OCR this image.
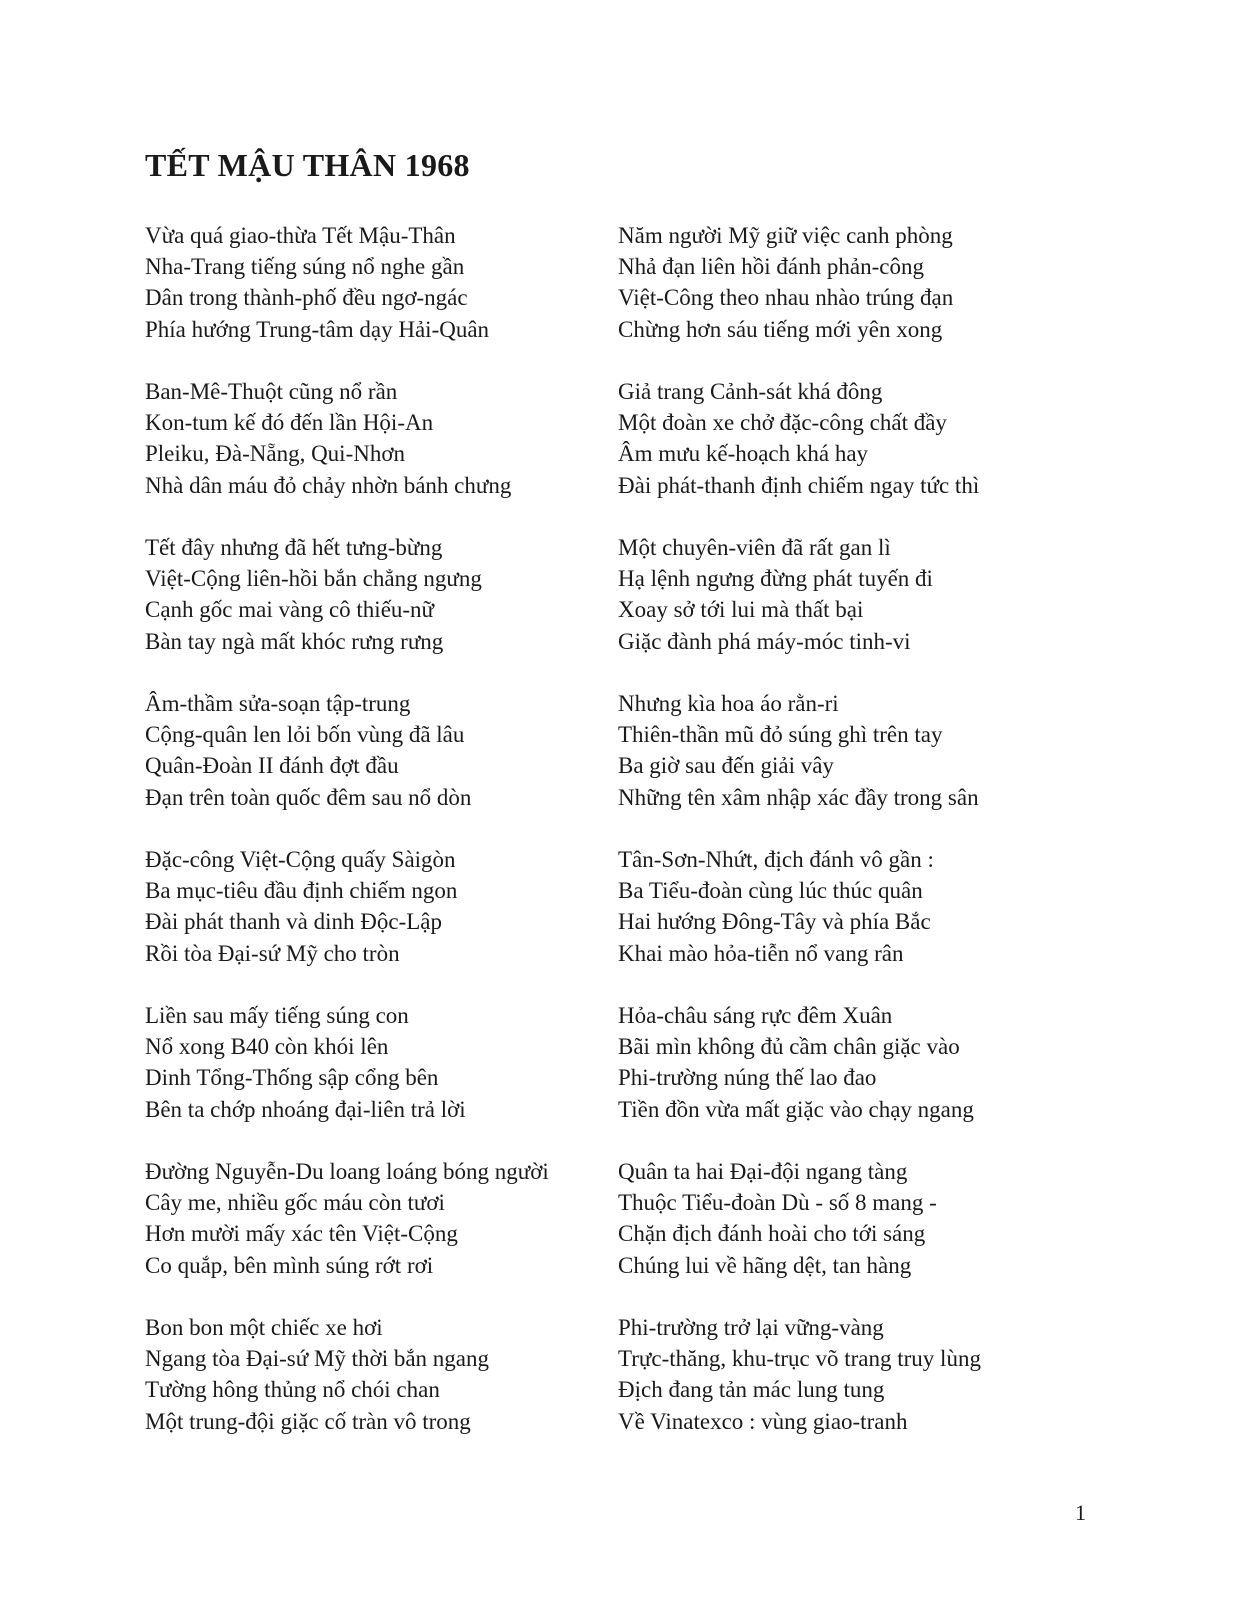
TẾT MẬU THÂN 1968
Vừa quá giao-thừa Tết Mậu-Thân
Nha-Trang tiếng súng nổ nghe gần
Dân trong thành-phố đều ngơ-ngác
Phía hướng Trung-tâm dạy Hải-Quân
Ban-Mê-Thuột cũng nổ rần
Kon-tum kế đó đến lần Hội-An
Pleiku, Đà-Nẵng, Qui-Nhơn
Nhà dân máu đỏ chảy nhờn bánh chưng
Tết đây nhưng đã hết tưng-bừng
Việt-Cộng liên-hồi bắn chẳng ngưng
Cạnh gốc mai vàng cô thiếu-nữ
Bàn tay ngà mất khóc rưng rưng
Âm-thầm sửa-soạn tập-trung
Cộng-quân len lỏi bốn vùng đã lâu
Quân-Đoàn II đánh đợt đầu
Đạn trên toàn quốc đêm sau nổ dòn
Đặc-công Việt-Cộng quấy Sàigòn
Ba mục-tiêu đầu định chiếm ngon
Đài phát thanh và dinh Độc-Lập
Rồi tòa Đại-sứ Mỹ cho tròn
Liền sau mấy tiếng súng con
Nổ xong B40 còn khói lên
Dinh Tổng-Thống sập cổng bên
Bên ta chớp nhoáng đại-liên trả lời
Đường Nguyễn-Du loang loáng bóng người
Cây me, nhiều gốc máu còn tươi
Hơn mười mấy xác tên Việt-Cộng
Co quắp, bên mình súng rớt rơi
Bon bon một chiếc xe hơi
Ngang tòa Đại-sứ Mỹ thời bắn ngang
Tường hông thủng nổ chói chan
Một trung-đội giặc cố tràn vô trong
Năm người Mỹ giữ việc canh phòng
Nhả đạn liên hồi đánh phản-công
Việt-Công theo nhau nhào trúng đạn
Chừng hơn sáu tiếng mới yên xong
Giả trang Cảnh-sát khá đông
Một đoàn xe chở đặc-công chất đầy
Âm mưu kế-hoạch khá hay
Đài phát-thanh định chiếm ngay tức thì
Một chuyên-viên đã rất gan lì
Hạ lệnh ngưng đừng phát tuyến đi
Xoay sở tới lui mà thất bại
Giặc đành phá máy-móc tinh-vi
Nhưng kìa hoa áo rằn-ri
Thiên-thần mũ đỏ súng ghì trên tay
Ba giờ sau đến giải vây
Những tên xâm nhập xác đầy trong sân
Tân-Sơn-Nhứt, địch đánh vô gần :
Ba Tiểu-đoàn cùng lúc thúc quân
Hai hướng Đông-Tây và phía Bắc
Khai mào hỏa-tiễn nổ vang rân
Hỏa-châu sáng rực đêm Xuân
Bãi mìn không đủ cầm chân giặc vào
Phi-trường núng thế lao đao
Tiền đồn vừa mất giặc vào chạy ngang
Quân ta hai Đại-đội ngang tàng
Thuộc Tiểu-đoàn Dù - số 8 mang -
Chặn địch đánh hoài cho tới sáng
Chúng lui về hãng dệt, tan hàng
Phi-trường trở lại vững-vàng
Trực-thăng, khu-trục võ trang truy lùng
Địch đang tản mác lung tung
Về Vinatexco : vùng giao-tranh
1
